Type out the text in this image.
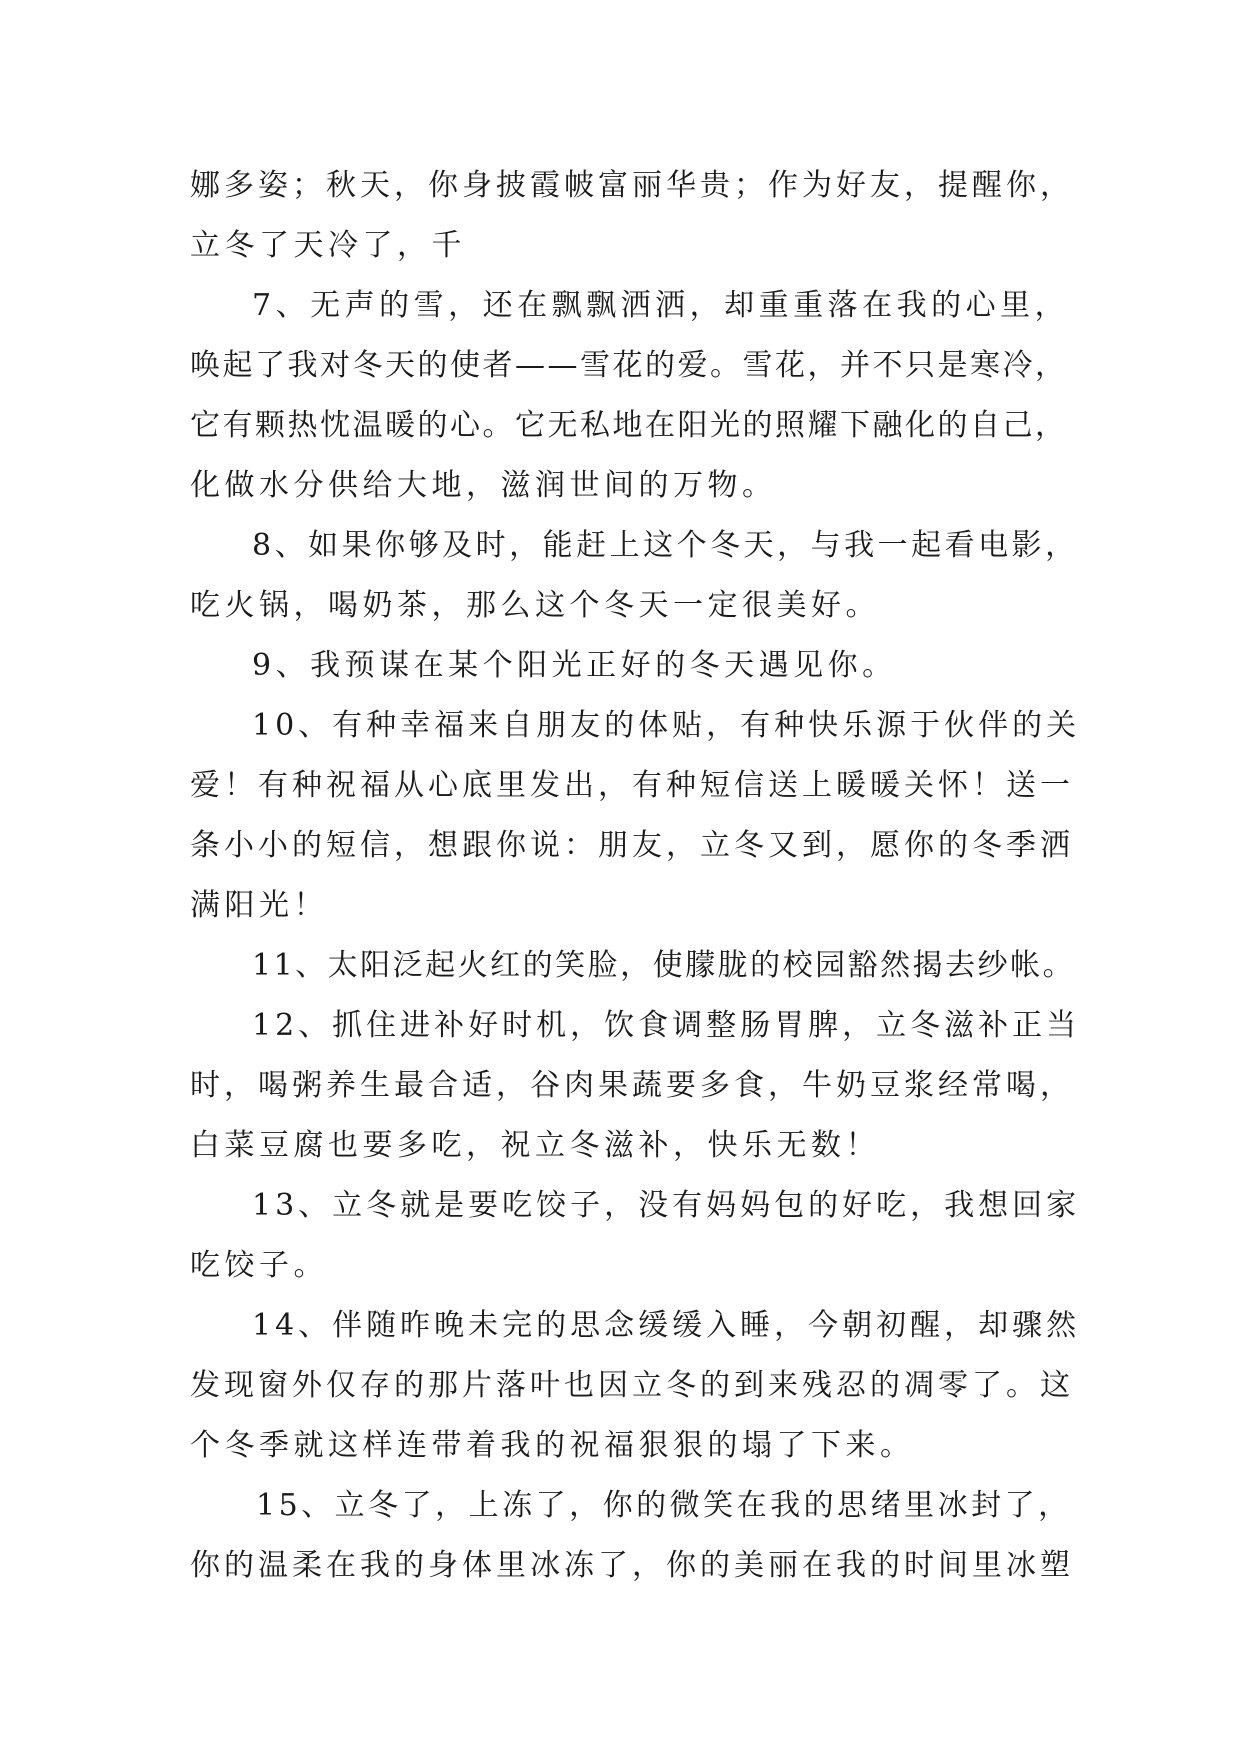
娜多姿；秋天，你身披霞帔富丽华贵；作为好友，提醒你，

立冬了天冷了，千

7、无声的雪，还在飘飘洒洒，却重重落在我的心里，

唤起了我对冬天的使者——雪花的爱。雪花，并不只是寒冷，

它有颗热忱温暖的心。它无私地在阳光的照耀下融化的自己，

化做水分供给大地，滋润世间的万物。

8、如果你够及时，能赶上这个冬天，与我一起看电影，

吃火锅，喝奶茶，那么这个冬天一定很美好。

9、我预谋在某个阳光正好的冬天遇见你。

10、有种幸福来自朋友的体贴，有种快乐源于伙伴的关

爱！有种祝福从心底里发出，有种短信送上暖暖关怀！送一

条小小的短信，想跟你说：朋友，立冬又到，愿你的冬季洒

满阳光！

11、太阳泛起火红的笑脸，使朦胧的校园豁然揭去纱帐。

12、抓住进补好时机，饮食调整肠胃脾，立冬滋补正当

时，喝粥养生最合适，谷肉果蔬要多食，牛奶豆浆经常喝，

白菜豆腐也要多吃，祝立冬滋补，快乐无数！

13、立冬就是要吃饺子，没有妈妈包的好吃，我想回家

吃饺子。

14、伴随昨晚未完的思念缓缓入睡，今朝初醒，却骤然

发现窗外仅存的那片落叶也因立冬的到来残忍的凋零了。这

个冬季就这样连带着我的祝福狠狠的塌了下来。

15、立冬了，上冻了，你的微笑在我的思绪里冰封了，

你的温柔在我的身体里冰冻了，你的美丽在我的时间里冰塑
